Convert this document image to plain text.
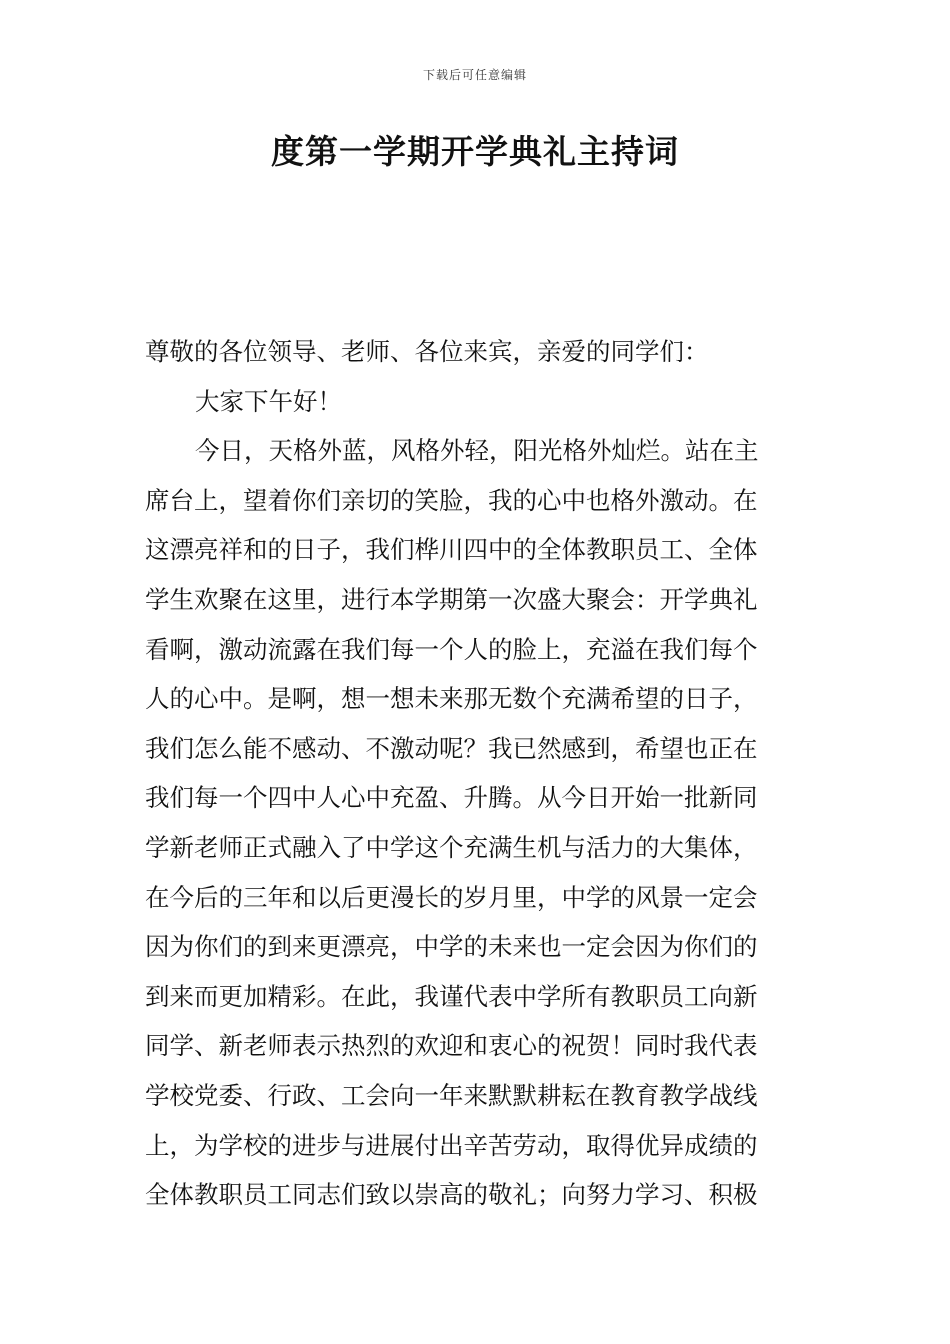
下载后可任意编辑
度第一学期开学典礼主持词

尊敬的各位领导、老师、各位来宾，亲爱的同学们：

大家下午好！

今日，天格外蓝，风格外轻，阳光格外灿烂。站在主

席台上，望着你们亲切的笑脸，我的心中也格外激动。在

这漂亮祥和的日子，我们桦川四中的全体教职员工、全体

学生欢聚在这里，进行本学期第一次盛大聚会：开学典礼

看啊，激动流露在我们每一个人的脸上，充溢在我们每个

人的心中。是啊，想一想未来那无数个充满希望的日子，

我们怎么能不感动、不激动呢？我已然感到，希望也正在

我们每一个四中人心中充盈、升腾。从今日开始一批新同

学新老师正式融入了中学这个充满生机与活力的大集体，

在今后的三年和以后更漫长的岁月里，中学的风景一定会

因为你们的到来更漂亮，中学的未来也一定会因为你们的

到来而更加精彩。在此，我谨代表中学所有教职员工向新

同学、新老师表示热烈的欢迎和衷心的祝贺！同时我代表

学校党委、行政、工会向一年来默默耕耘在教育教学战线

上，为学校的进步与进展付出辛苦劳动，取得优异成绩的

全体教职员工同志们致以崇高的敬礼；向努力学习、积极
